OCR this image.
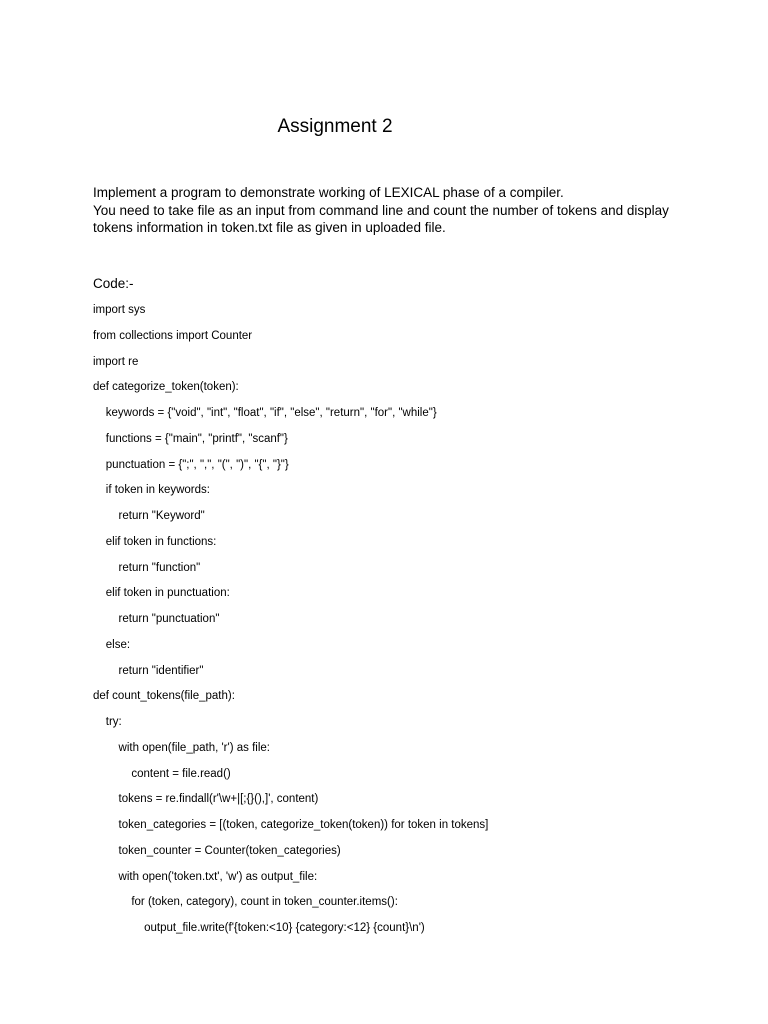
Assignment 2
Implement a program to demonstrate working of LEXICAL phase of a compiler.
You need to take file as an input from command line and count the number of tokens and display
tokens information in token.txt file as given in uploaded file.
Code:-
import sys
from collections import Counter
import re
def categorize_token(token):
keywords = {"void", "int", "float", "if", "else", "return", "for", "while"}
functions = {"main", "printf", "scanf"}
punctuation = {";", ",", "(", ")", "{", "}"}
if token in keywords:
return "Keyword"
elif token in functions:
return "function"
elif token in punctuation:
return "punctuation"
else:
return "identifier"
def count_tokens(file_path):
try:
with open(file_path, 'r') as file:
content = file.read()
tokens = re.findall(r'\w+|[;{}(),]', content)
token_categories = [(token, categorize_token(token)) for token in tokens]
token_counter = Counter(token_categories)
with open('token.txt', 'w') as output_file:
for (token, category), count in token_counter.items():
output_file.write(f'{token:<10} {category:<12} {count}\n')
